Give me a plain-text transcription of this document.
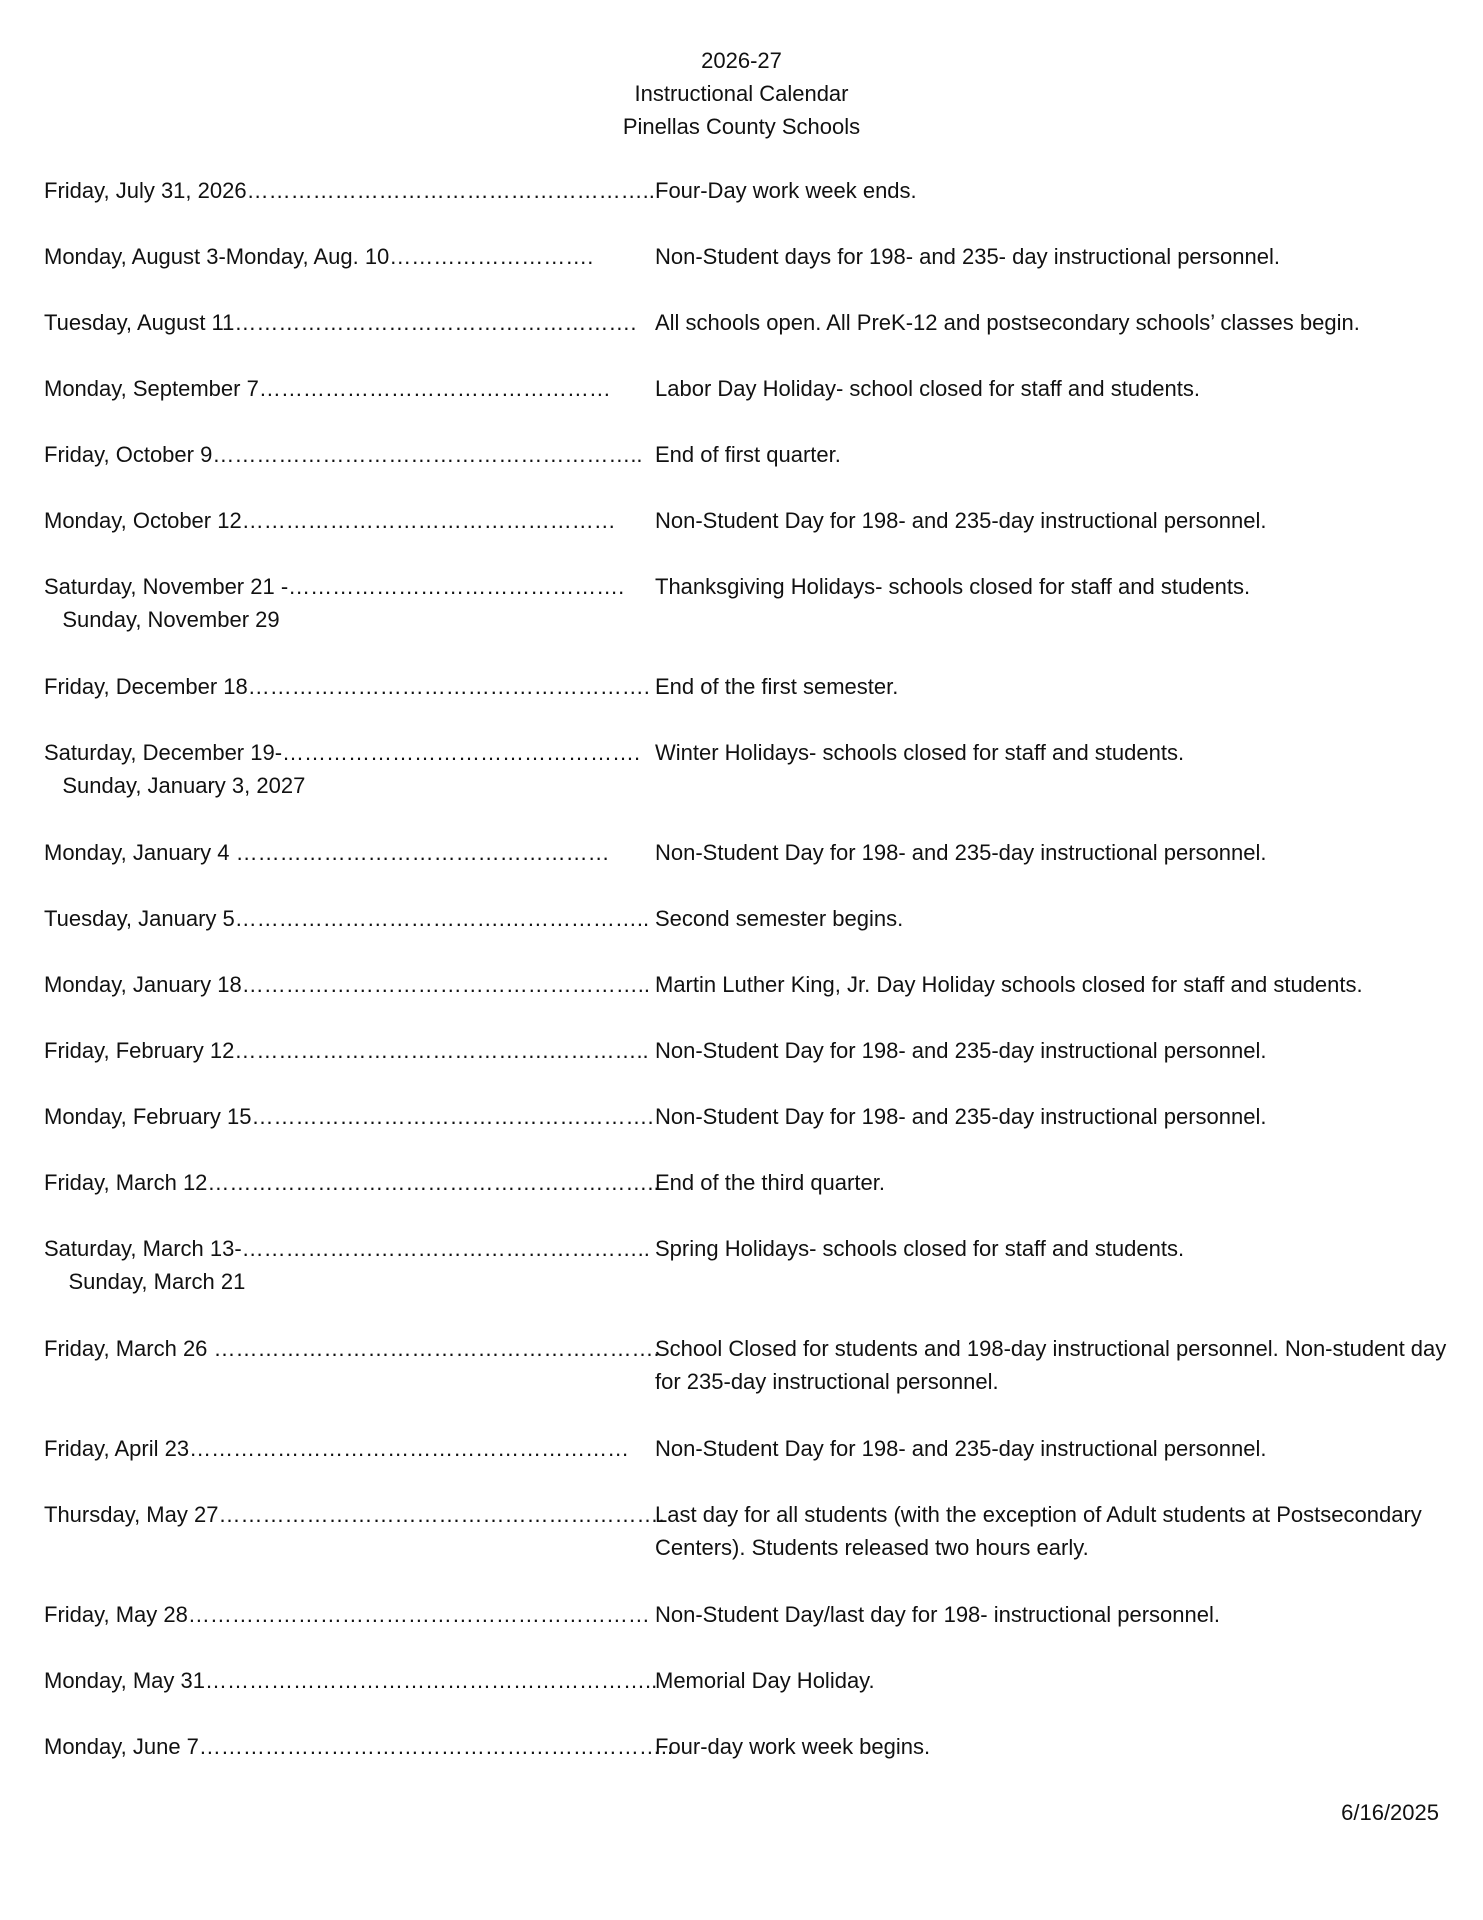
2026-27
Instructional Calendar
Pinellas County Schools
Friday, July 31, 2026……………………………………………….. Four-Day work week ends.
Monday, August 3-Monday, Aug. 10……………………….	Non-Student days for 198- and 235- day instructional personnel.
Tuesday, August 11………………………………………………. All schools open. All PreK-12 and postsecondary schools’ classes begin.
Monday, September 7…………………………………………	Labor Day Holiday- school closed for staff and students.
Friday, October 9………………………………………………….. End of first quarter.
Monday, October 12……………………………………………	Non-Student Day for 198- and 235-day instructional personnel.
Saturday, November 21 -……………………………………….
Sunday, November 29
Thanksgiving Holidays- schools closed for staff and students.
Friday, December 18………………………………………………. End of the first semester.
Saturday, December 19-………………………………………….
Sunday, January 3, 2027
Winter Holidays- schools closed for staff and students.
Monday, January 4 ……………………………………………	Non-Student Day for 198- and 235-day instructional personnel.
Tuesday, January 5……………………………….……………….. Second semester begins.
Monday, January 18……………………………………………….. Martin Luther King, Jr. Day Holiday schools closed for staff and students.
Friday, February 12…………………………………….………….. Non-Student Day for 198- and 235-day instructional personnel.
Monday, February 15………………………………………………. Non-Student Day for 198- and 235-day instructional personnel.
Friday, March 12……………………………………………………..
End of the third quarter.
Saturday, March 13-………………………………………………..
Sunday, March 21
Spring Holidays- schools closed for staff and students.
Friday, March 26 …………………………………………………….
School Closed for students and 198-day instructional personnel. Non-student day for 235-day instructional personnel.
Friday, April 23…………………………………………………… Non-Student Day for 198- and 235-day instructional personnel.
Thursday, May 27…………………………………………………….
Last day for all students (with the exception of Adult students at Postsecondary Centers). Students released two hours early.
Friday, May 28……………………………………………………… Non-Student Day/last day for 198- instructional personnel.
Monday, May 31……………………………………………………..
Memorial Day Holiday.
Monday, June 7………………………………………………………..
Four-day work week begins.
6/16/2025
